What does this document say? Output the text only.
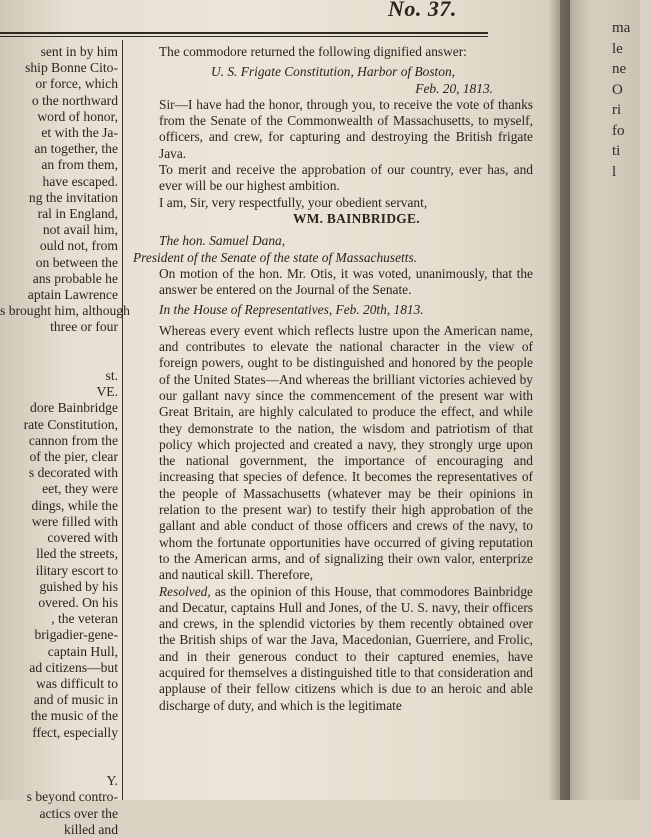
No. 37.
sent in by him
ship Bonne Cito-
or force, which
o the northward
word of honor,
et with the Ja-
an together, the
an from them,
have escaped.
ng the invitation
ral in England,
not avail him,
ould not, from
on between the
ans probable he
aptain Lawrence
s brought him, although
three or four

st.
VE.
dore Bainbridge
rate Constitution,
cannon from the
of the pier, clear
s decorated with
eet, they were
dings, while the
were filled with
covered with
lled the streets,
ilitary escort to
guished by his
overed. On his
, the veteran
brigadier-gene-
captain Hull,
ad citizens—but
was difficult to
and of music in
the music of the
ffect, especially

Y.
s beyond contro-
actics over the
killed and

The commodore returned the following dignified answer:

U. S. Frigate Constitution, Harbor of Boston,
Feb. 20, 1813.

Sir—I have had the honor, through you, to receive the vote of thanks from the Senate of the Commonwealth of Massachusetts, to myself, officers, and crew, for capturing and destroying the British frigate Java.

To merit and receive the approbation of our country, ever has, and ever will be our highest ambition.

I am, Sir, very respectfully, your obedient servant,
WM. BAINBRIDGE.
The hon. Samuel Dana,
President of the Senate of the state of Massachusetts.

On motion of the hon. Mr. Otis, it was voted, unanimously, that the answer be entered on the Journal of the Senate.

In the House of Representatives, Feb. 20th, 1813.

Whereas every event which reflects lustre upon the American name, and contributes to elevate the national character in the view of foreign powers, ought to be distinguished and honored by the people of the United States—And whereas the brilliant victories achieved by our gallant navy since the commencement of the present war with Great Britain, are highly calculated to produce the effect, and while they demonstrate to the nation, the wisdom and patriotism of that policy which projected and created a navy, they strongly urge upon the national government, the importance of encouraging and increasing that species of defence. It becomes the representatives of the people of Massachusetts (whatever may be their opinions in relation to the present war) to testify their high approbation of the gallant and able conduct of those officers and crews of the navy, to whom the fortunate opportunities have occurred of giving reputation to the American arms, and of signalizing their own valor, enterprize and nautical skill. Therefore,

Resolved, as the opinion of this House, that commodores Bainbridge and Decatur, captains Hull and Jones, of the U. S. navy, their officers and crews, in the splendid victories by them recently obtained over the British ships of war the Java, Macedonian, Guerriere, and Frolic, and in their generous conduct to their captured enemies, have acquired for themselves a distinguished title to that consideration and applause of their fellow citizens which is due to an heroic and able discharge of duty, and which is the legitimate

ma
le
ne
O
ri
fo
ti
l
